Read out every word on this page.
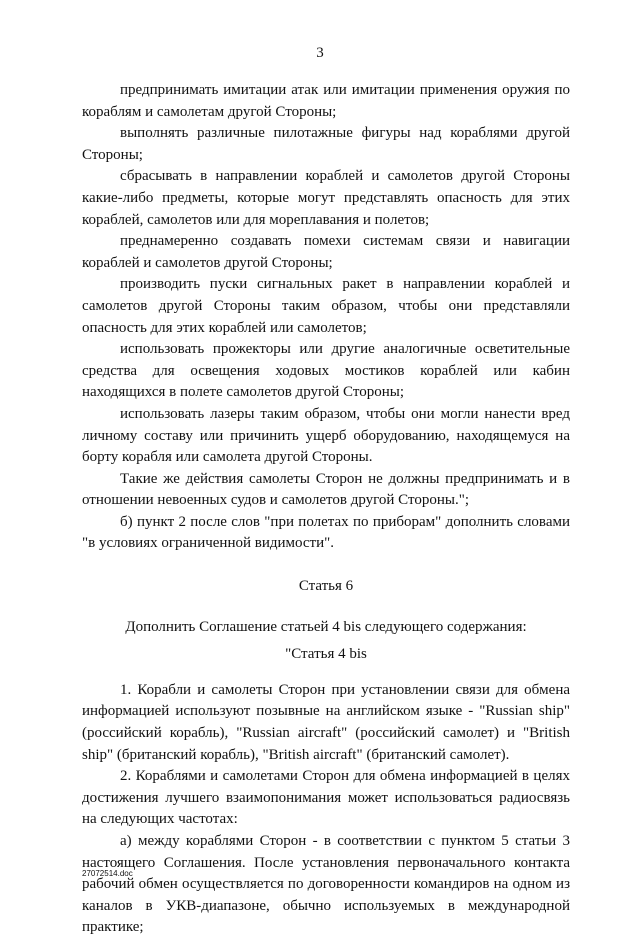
3

предпринимать имитации атак или имитации применения оружия по кораблям и самолетам другой Стороны;

выполнять различные пилотажные фигуры над кораблями другой Стороны;

сбрасывать в направлении кораблей и самолетов другой Стороны какие-либо предметы, которые могут представлять опасность для этих кораблей, самолетов или для мореплавания и полетов;

преднамеренно создавать помехи системам связи и навигации кораблей и самолетов другой Стороны;

производить пуски сигнальных ракет в направлении кораблей и самолетов другой Стороны таким образом, чтобы они представляли опасность для этих кораблей или самолетов;

использовать прожекторы или другие аналогичные осветительные средства для освещения ходовых мостиков кораблей или кабин находящихся в полете самолетов другой Стороны;

использовать лазеры таким образом, чтобы они могли нанести вред личному составу или причинить ущерб оборудованию, находящемуся на борту корабля или самолета другой Стороны.

Такие же действия самолеты Сторон не должны предпринимать и в отношении невоенных судов и самолетов другой Стороны.";

б) пункт 2 после слов "при полетах по приборам" дополнить словами "в условиях ограниченной видимости".

Статья 6

Дополнить Соглашение статьей 4 bis следующего содержания:

"Статья 4 bis

1. Корабли и самолеты Сторон при установлении связи для обмена информацией используют позывные на английском языке - "Russian ship" (российский корабль), "Russian aircraft" (российский самолет) и "British ship" (британский корабль), "British aircraft" (британский самолет).

2. Кораблями и самолетами Сторон для обмена информацией в целях достижения лучшего взаимопонимания может использоваться радиосвязь на следующих частотах:

а) между кораблями Сторон - в соответствии с пунктом 5 статьи 3 настоящего Соглашения. После установления первоначального контакта рабочий обмен осуществляется по договоренности командиров на одном из каналов в УКВ-диапазоне, обычно используемых в международной практике;

27072514.doc
